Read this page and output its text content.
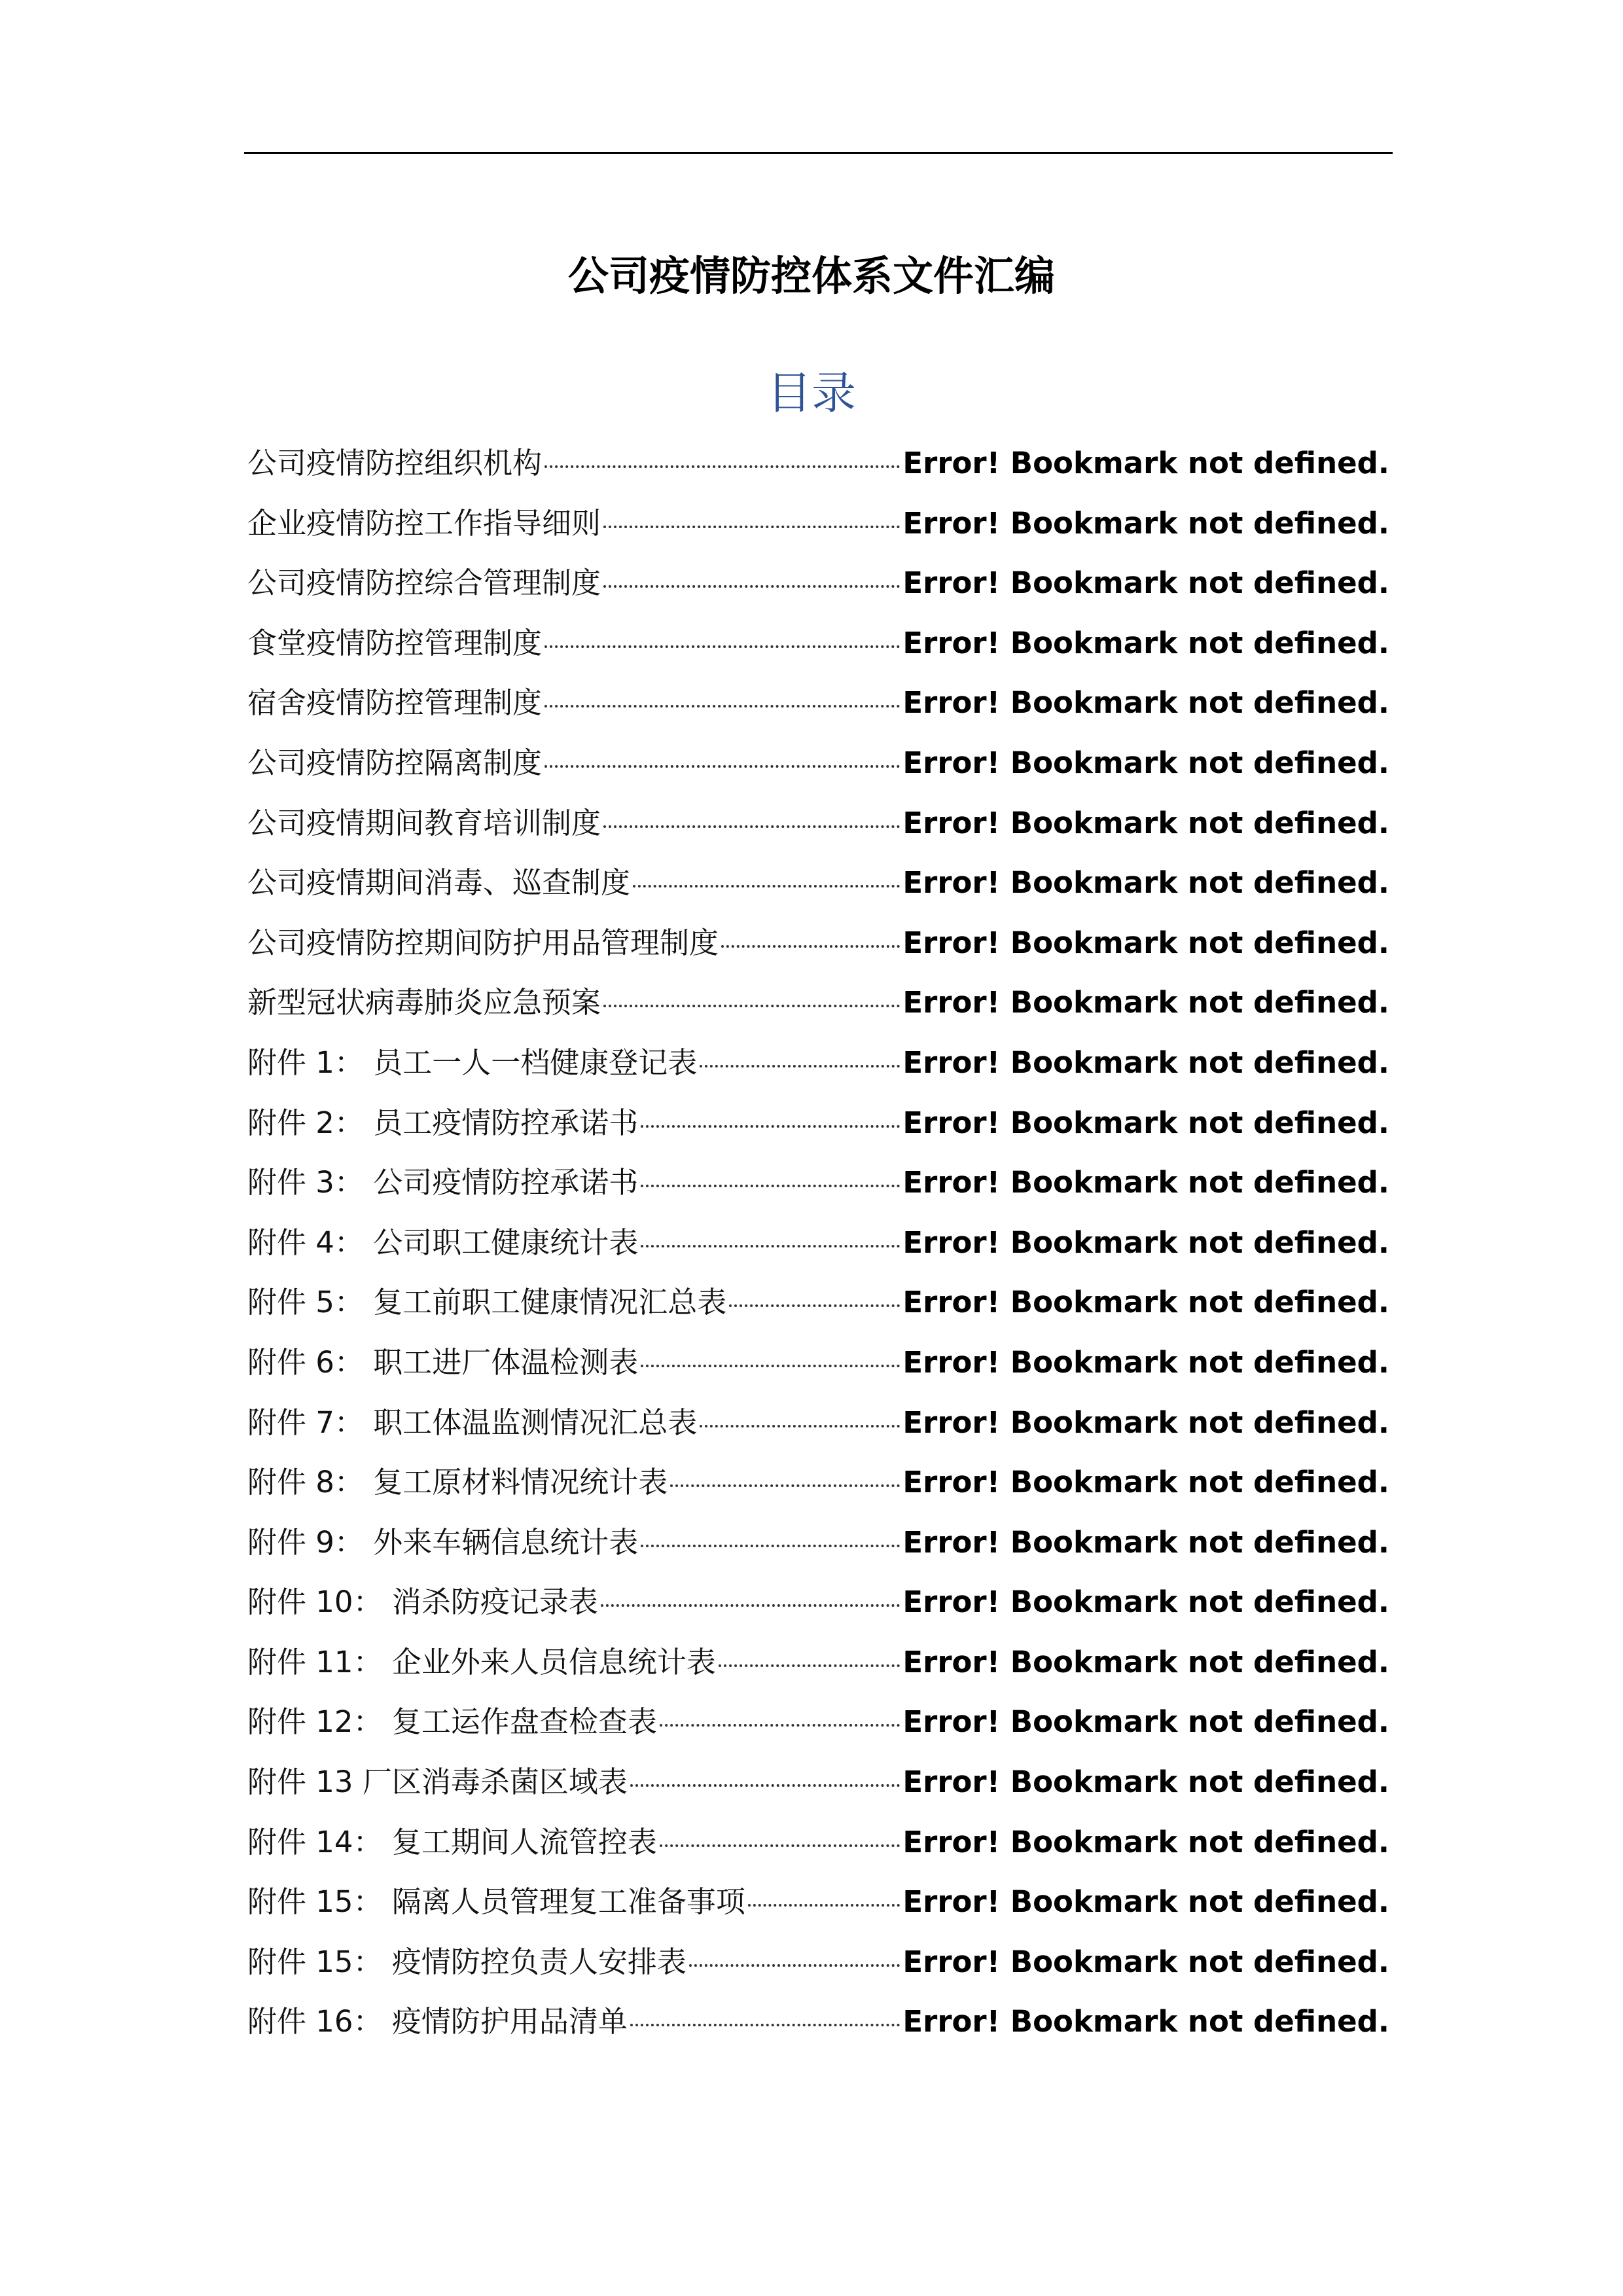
公司疫情防控体系文件汇编
目录
公司疫情防控组织机构	Error! Bookmark not defined.
企业疫情防控工作指导细则	Error! Bookmark not defined.
公司疫情防控综合管理制度	Error! Bookmark not defined.
食堂疫情防控管理制度	Error! Bookmark not defined.
宿舍疫情防控管理制度	Error! Bookmark not defined.
公司疫情防控隔离制度	Error! Bookmark not defined.
公司疫情期间教育培训制度	Error! Bookmark not defined.
公司疫情期间消毒、巡查制度	Error! Bookmark not defined.
公司疫情防控期间防护用品管理制度	Error! Bookmark not defined.
新型冠状病毒肺炎应急预案	Error! Bookmark not defined.
附件 1： 员工一人一档健康登记表	Error! Bookmark not defined.
附件 2： 员工疫情防控承诺书	Error! Bookmark not defined.
附件 3： 公司疫情防控承诺书	Error! Bookmark not defined.
附件 4： 公司职工健康统计表	Error! Bookmark not defined.
附件 5： 复工前职工健康情况汇总表	Error! Bookmark not defined.
附件 6： 职工进厂体温检测表	Error! Bookmark not defined.
附件 7： 职工体温监测情况汇总表	Error! Bookmark not defined.
附件 8： 复工原材料情况统计表	Error! Bookmark not defined.
附件 9： 外来车辆信息统计表	Error! Bookmark not defined.
附件 10： 消杀防疫记录表	Error! Bookmark not defined.
附件 11： 企业外来人员信息统计表	Error! Bookmark not defined.
附件 12： 复工运作盘查检查表	Error! Bookmark not defined.
附件 13 厂区消毒杀菌区域表	Error! Bookmark not defined.
附件 14： 复工期间人流管控表	Error! Bookmark not defined.
附件 15： 隔离人员管理复工准备事项	Error! Bookmark not defined.
附件 15： 疫情防控负责人安排表	Error! Bookmark not defined.
附件 16： 疫情防护用品清单	Error! Bookmark not defined.
